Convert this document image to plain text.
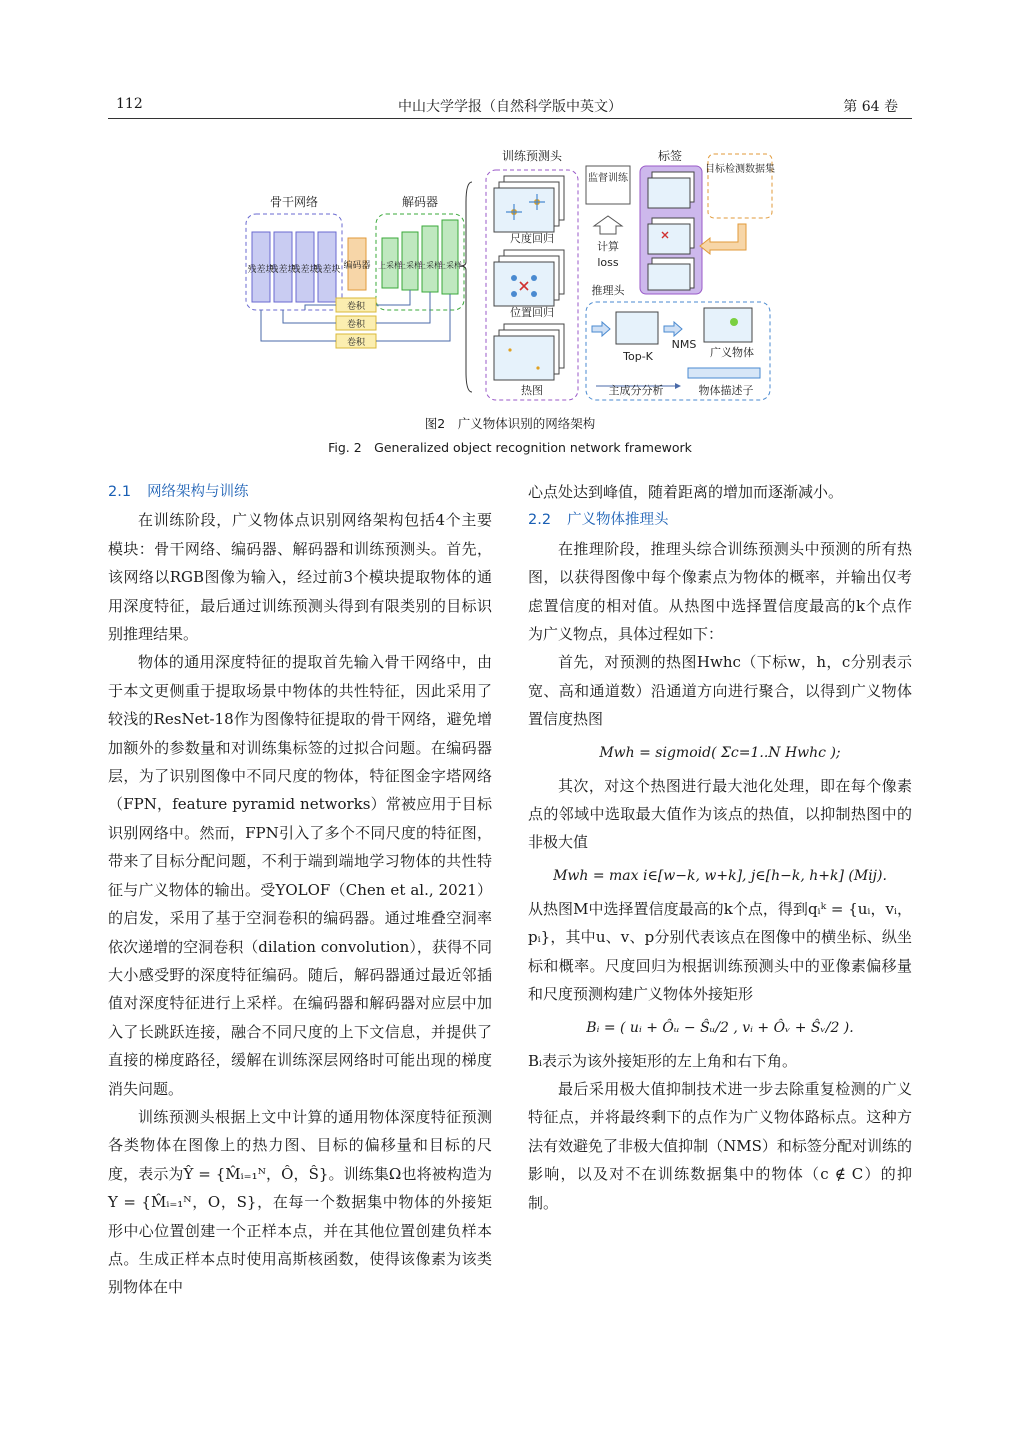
112	中山大学学报（自然科学版中英文）	第 64 卷
骨干网络
残差块
残差块
残差块
残差块 编码器
解码器
上采样
上采样
上采样
上采样
卷积
卷积
卷积
训练预测头
尺度回归
位置回归
热图
监督训练
计算
loss
标签
目标检测数据集
推理头
Top-K
NMS
广义物体
主成分分析	物体描述子
图2　广义物体识别的网络架构
Fig. 2　Generalized object recognition network framework
2.1 网络架构与训练

在训练阶段，广义物体点识别网络架构包括4个主要模块：骨干网络、编码器、解码器和训练预测头。首先，该网络以RGB图像为输入，经过前3个模块提取物体的通用深度特征，最后通过训练预测头得到有限类别的目标识别推理结果。

物体的通用深度特征的提取首先输入骨干网络中，由于本文更侧重于提取场景中物体的共性特征，因此采用了较浅的ResNet-18作为图像特征提取的骨干网络，避免增加额外的参数量和对训练集标签的过拟合问题。在编码器层，为了识别图像中不同尺度的物体，特征图金字塔网络（FPN，feature pyramid networks）常被应用于目标识别网络中。然而，FPN引入了多个不同尺度的特征图，带来了目标分配问题，不利于端到端地学习物体的共性特征与广义物体的输出。受YOLOF（Chen et al., 2021）的启发，采用了基于空洞卷积的编码器。通过堆叠空洞率依次递增的空洞卷积（dilation convolution），获得不同大小感受野的深度特征编码。随后，解码器通过最近邻插值对深度特征进行上采样。在编码器和解码器对应层中加入了长跳跃连接，融合不同尺度的上下文信息，并提供了直接的梯度路径，缓解在训练深层网络时可能出现的梯度消失问题。

训练预测头根据上文中计算的通用物体深度特征预测各类物体在图像上的热力图、目标的偏移量和目标的尺度，表示为Ŷ = {M̂ᵢ₌₁ᴺ，Ô，Ŝ}。训练集Ω也将被构造为Y = {M̂ᵢ₌₁ᴺ，O，S}，在每一个数据集中物体的外接矩形中心位置创建一个正样本点，并在其他位置创建负样本点。生成正样本点时使用高斯核函数，使得该像素为该类别物体在中

心点处达到峰值，随着距离的增加而逐渐减小。

2.2 广义物体推理头

在推理阶段，推理头综合训练预测头中预测的所有热图，以获得图像中每个像素点为物体的概率，并输出仅考虑置信度的相对值。从热图中选择置信度最高的k个点作为广义物点，具体过程如下：

首先，对预测的热图Hwhc（下标w，h，c分别表示宽、高和通道数）沿通道方向进行聚合，以得到广义物体置信度热图

Mwh = sigmoid( Σc=1..N Hwhc );

其次，对这个热图进行最大池化处理，即在每个像素点的邻域中选取最大值作为该点的热值，以抑制热图中的非极大值

Mwh = max i∈[w−k, w+k], j∈[h−k, h+k] (Mij).

从热图M中选择置信度最高的k个点，得到qᵢᵏ = {uᵢ，vᵢ，pᵢ}，其中u、v、p分别代表该点在图像中的横坐标、纵坐标和概率。尺度回归为根据训练预测头中的亚像素偏移量和尺度预测构建广义物体外接矩形

Bᵢ = ( uᵢ + Ôᵤ − Ŝᵤ/2 , vᵢ + Ôᵥ + Ŝᵥ/2 ).

Bᵢ表示为该外接矩形的左上角和右下角。

最后采用极大值抑制技术进一步去除重复检测的广义特征点，并将最终剩下的点作为广义物体路标点。这种方法有效避免了非极大值抑制（NMS）和标签分配对训练的影响，以及对不在训练数据集中的物体（c ∉ C）的抑制。
